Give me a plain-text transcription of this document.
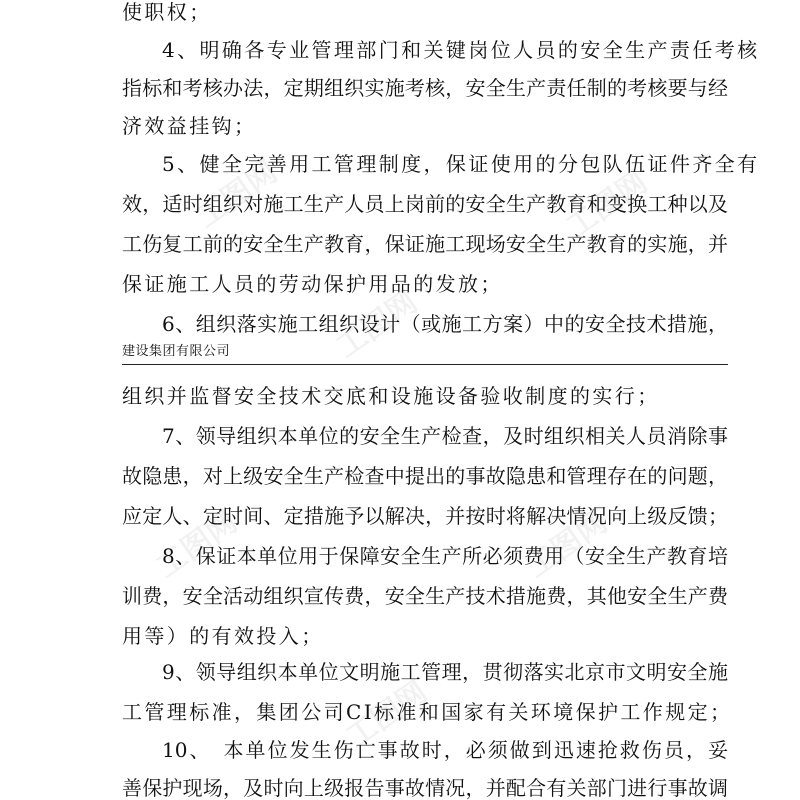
工图网	工图网
工图网
工图网	工图网
工图网
使职权；
4、明确各专业管理部门和关键岗位人员的安全生产责任考核
指标和考核办法，定期组织实施考核，安全生产责任制的考核要与经
济效益挂钩；
5、健全完善用工管理制度，保证使用的分包队伍证件齐全有
效，适时组织对施工生产人员上岗前的安全生产教育和变换工种以及
工伤复工前的安全生产教育，保证施工现场安全生产教育的实施，并
保证施工人员的劳动保护用品的发放；
6、组织落实施工组织设计（或施工方案）中的安全技术措施，
建设集团有限公司
组织并监督安全技术交底和设施设备验收制度的实行；
7、领导组织本单位的安全生产检查，及时组织相关人员消除事
故隐患，对上级安全生产检查中提出的事故隐患和管理存在的问题，
应定人、定时间、定措施予以解决，并按时将解决情况向上级反馈；
8、保证本单位用于保障安全生产所必须费用（安全生产教育培
训费，安全活动组织宣传费，安全生产技术措施费，其他安全生产费
用等）的有效投入；
9、领导组织本单位文明施工管理，贯彻落实北京市文明安全施
工管理标准，集团公司CI标准和国家有关环境保护工作规定；
10、　本单位发生伤亡事故时，必须做到迅速抢救伤员，妥
善保护现场，及时向上级报告事故情况，并配合有关部门进行事故调
